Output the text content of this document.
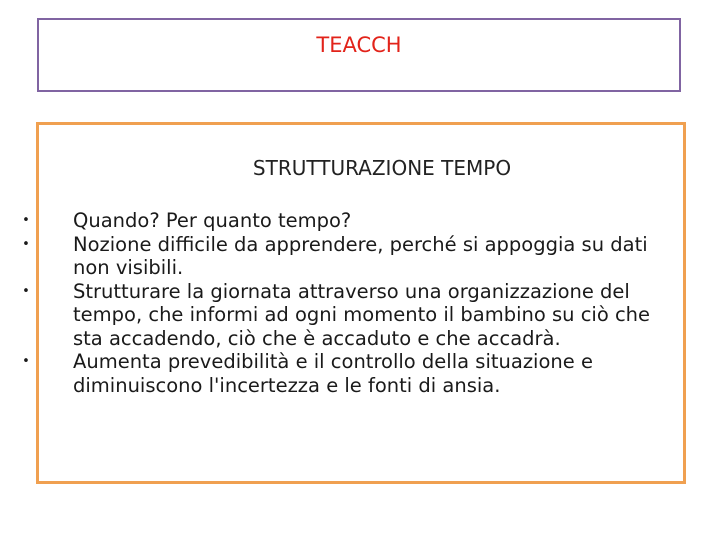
TEACCH
STRUTTURAZIONE TEMPO
• Quando? Per quanto tempo?
• Nozione difficile da apprendere, perché si appoggia su dati non visibili.
• Strutturare la giornata attraverso una organizzazione del tempo, che informi ad ogni momento il bambino su ciò che sta accadendo, ciò che è accaduto e che accadrà.
• Aumenta prevedibilità e il controllo della situazione e diminuiscono l'incertezza e le fonti di ansia.
